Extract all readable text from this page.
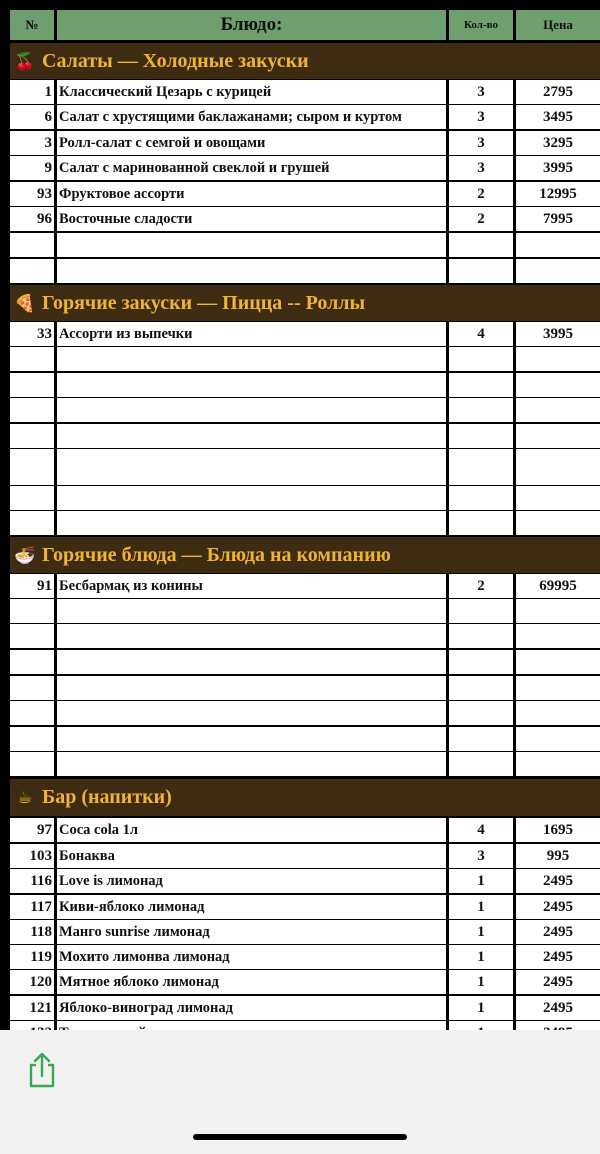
№	Блюдо:	Кол-во	Цена
🍒 Салаты — Холодные закуски
1 Классический Цезарь с курицей	3	2795
6 Салат с хрустящими баклажанами; сыром и куртом	3	3495
3 Ролл-салат с семгой и овощами	3	3295
9 Салат с маринованной свеклой и грушей	3	3995
93 Фруктовое ассорти	2	12995
96 Восточные сладости	2	7995
🍕 Горячие закуски — Пицца -- Роллы
33 Ассорти из выпечки	4	3995
🍜 Горячие блюда — Блюда на компанию
91 Бесбармақ из конины	2	69995
☕ Бар (напитки)
97 Coca cola 1л	4	1695
103 Бонаква	3	995
116 Love is лимонад	1	2495
117 Киви-яблоко лимонад	1	2495
118 Манго sunrise лимонад	1	2495
119 Мохито лимонва лимонад	1	2495
120 Мятное яблоко лимонад	1	2495
121 Яблоко-виноград лимонад	1	2495
